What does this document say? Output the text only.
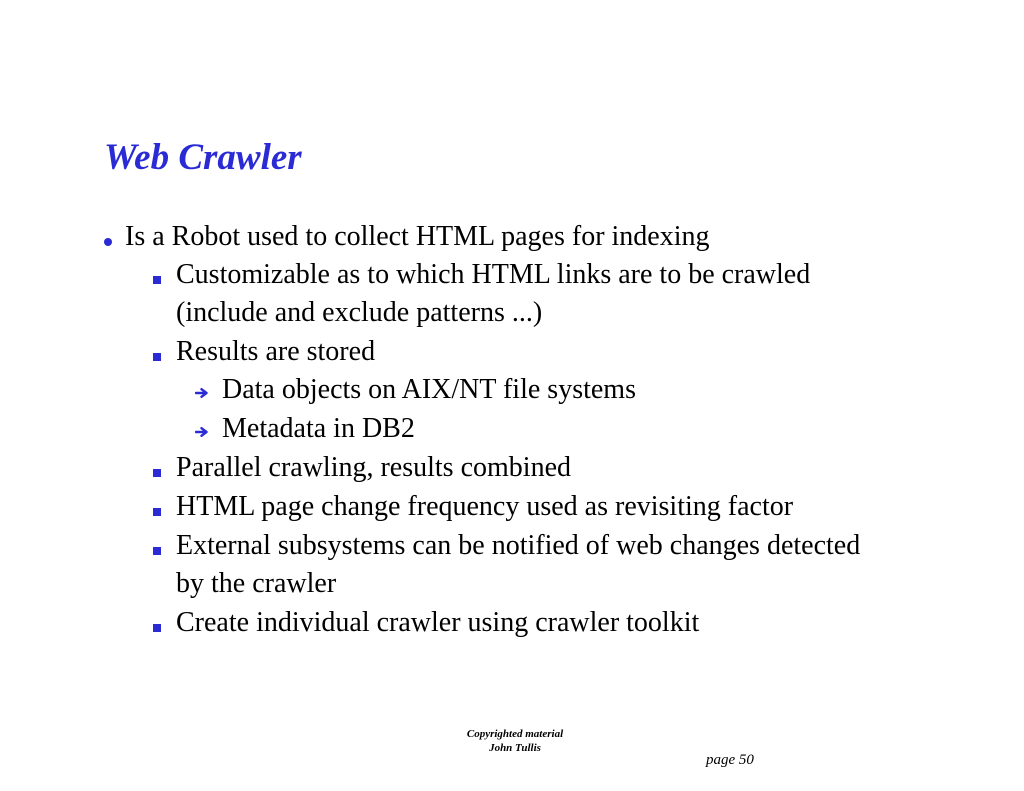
Web Crawler
Is a Robot used to collect HTML pages for indexing
Customizable as to which HTML links are to be crawled
(include and exclude patterns ...)
Results are stored
Data objects on AIX/NT file systems
Metadata in DB2
Parallel crawling, results combined
HTML page change frequency used as revisiting factor
External subsystems can be notified of web changes detected
by the crawler
Create individual crawler using crawler toolkit
Copyrighted material
John Tullis
page 50
